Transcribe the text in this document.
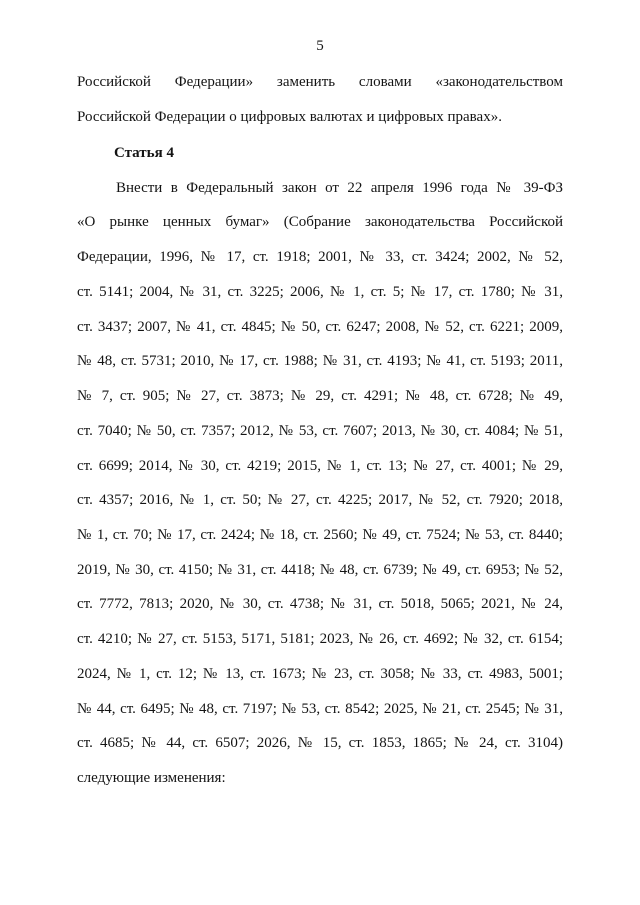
5
Российской Федерации» заменить словами «законодательством
Российской Федерации о цифровых валютах и цифровых правах».
Статья 4
Внести в Федеральный закон от 22 апреля 1996 года № 39-ФЗ
«О рынке ценных бумаг» (Собрание законодательства Российской
Федерации, 1996, № 17, ст. 1918; 2001, № 33, ст. 3424; 2002, № 52,
ст. 5141; 2004, № 31, ст. 3225; 2006, № 1, ст. 5; № 17, ст. 1780; № 31,
ст. 3437; 2007, № 41, ст. 4845; № 50, ст. 6247; 2008, № 52, ст. 6221; 2009,
№ 48, ст. 5731; 2010, № 17, ст. 1988; № 31, ст. 4193; № 41, ст. 5193; 2011,
№ 7, ст. 905; № 27, ст. 3873; № 29, ст. 4291; № 48, ст. 6728; № 49,
ст. 7040; № 50, ст. 7357; 2012, № 53, ст. 7607; 2013, № 30, ст. 4084; № 51,
ст. 6699; 2014, № 30, ст. 4219; 2015, № 1, ст. 13; № 27, ст. 4001; № 29,
ст. 4357; 2016, № 1, ст. 50; № 27, ст. 4225; 2017, № 52, ст. 7920; 2018,
№ 1, ст. 70; № 17, ст. 2424; № 18, ст. 2560; № 49, ст. 7524; № 53, ст. 8440;
2019, № 30, ст. 4150; № 31, ст. 4418; № 48, ст. 6739; № 49, ст. 6953; № 52,
ст. 7772, 7813; 2020, № 30, ст. 4738; № 31, ст. 5018, 5065; 2021, № 24,
ст. 4210; № 27, ст. 5153, 5171, 5181; 2023, № 26, ст. 4692; № 32, ст. 6154;
2024, № 1, ст. 12; № 13, ст. 1673; № 23, ст. 3058; № 33, ст. 4983, 5001;
№ 44, ст. 6495; № 48, ст. 7197; № 53, ст. 8542; 2025, № 21, ст. 2545; № 31,
ст. 4685; № 44, ст. 6507; 2026, № 15, ст. 1853, 1865; № 24, ст. 3104)
следующие изменения:
